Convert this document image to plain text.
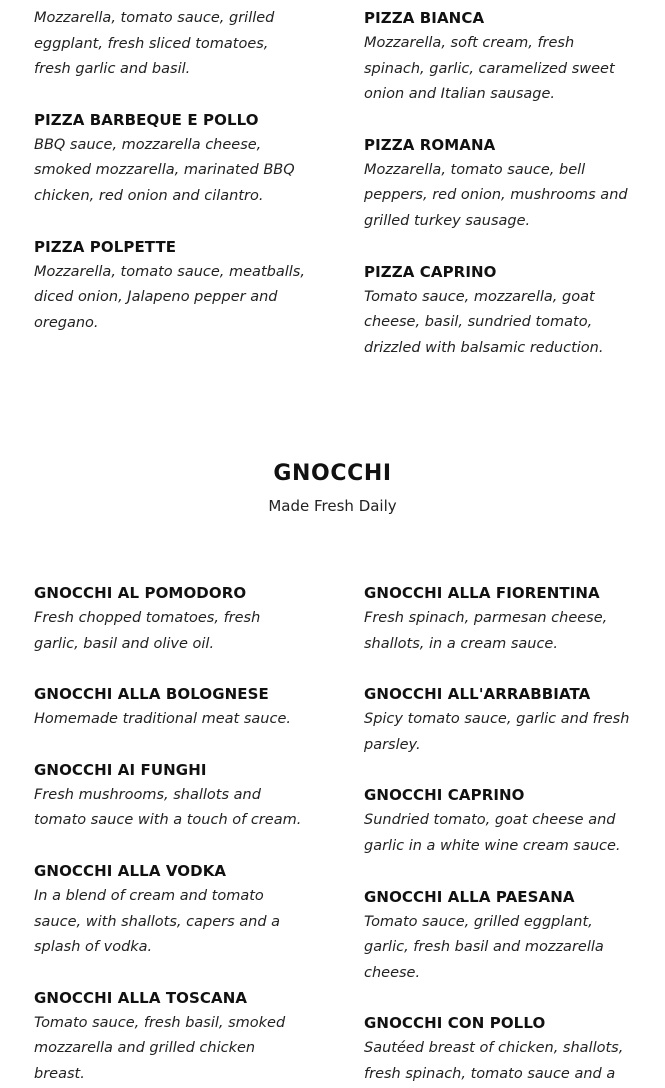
Mozzarella, tomato sauce, grilled eggplant, fresh sliced tomatoes, fresh garlic and basil.
PIZZA BARBEQUE E POLLO
BBQ sauce, mozzarella cheese, smoked mozzarella, marinated BBQ chicken, red onion and cilantro.
PIZZA POLPETTE
Mozzarella, tomato sauce, meatballs, diced onion, Jalapeno pepper and oregano.
PIZZA BIANCA
Mozzarella, soft cream, fresh spinach, garlic, caramelized sweet onion and Italian sausage.
PIZZA ROMANA
Mozzarella, tomato sauce, bell peppers, red onion, mushrooms and grilled turkey sausage.
PIZZA CAPRINO
Tomato sauce, mozzarella, goat cheese, basil, sundried tomato, drizzled with balsamic reduction.
GNOCCHI
Made Fresh Daily
GNOCCHI AL POMODORO
Fresh chopped tomatoes, fresh garlic, basil and olive oil.
GNOCCHI ALLA BOLOGNESE
Homemade traditional meat sauce.
GNOCCHI AI FUNGHI
Fresh mushrooms, shallots and tomato sauce with a touch of cream.
GNOCCHI ALLA VODKA
In a blend of cream and tomato sauce, with shallots, capers and a splash of vodka.
GNOCCHI ALLA TOSCANA
Tomato sauce, fresh basil, smoked mozzarella and grilled chicken breast.
GNOCCHI ALLA FIORENTINA
Fresh spinach, parmesan cheese, shallots, in a cream sauce.
GNOCCHI ALL'ARRABBIATA
Spicy tomato sauce, garlic and fresh parsley.
GNOCCHI CAPRINO
Sundried tomato, goat cheese and garlic in a white wine cream sauce.
GNOCCHI ALLA PAESANA
Tomato sauce, grilled eggplant, garlic, fresh basil and mozzarella cheese.
GNOCCHI CON POLLO
Sautéed breast of chicken, shallots, fresh spinach, tomato sauce and a
